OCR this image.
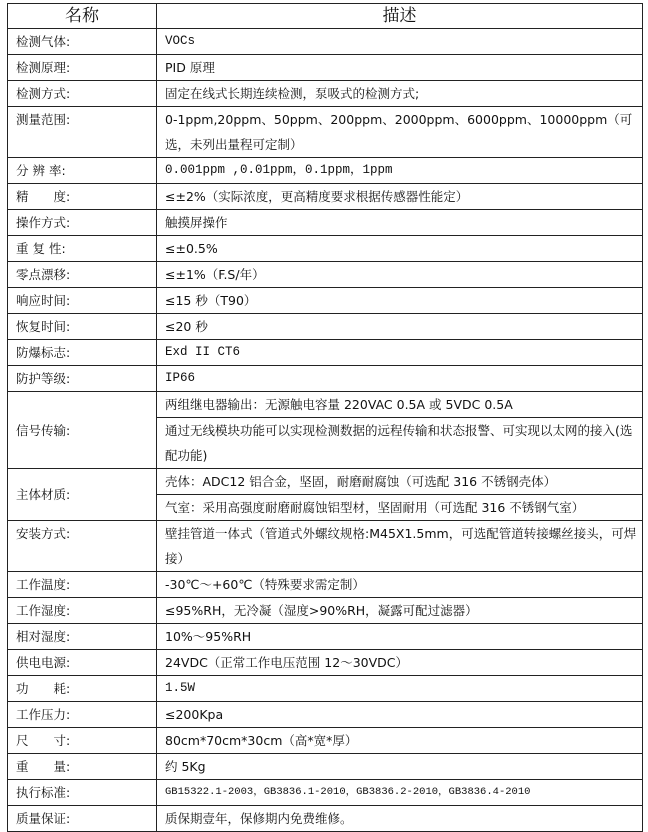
名称	描述
检测气体:	VOCs
检测原理:	PID 原理
检测方式:	固定在线式长期连续检测，泵吸式的检测方式;
测量范围:	0-1ppm,20ppm、50ppm、200ppm、2000ppm、6000ppm、10000ppm（可选，未列出量程可定制）
分 辨 率:	0.001ppm ,0.01ppm，0.1ppm，1ppm
精　　度:	≤±2%（实际浓度，更高精度要求根据传感器性能定）
操作方式:	触摸屏操作
重 复 性:	≤±0.5%
零点漂移:	≤±1%（F.S/年）
响应时间:	≤15 秒（T90）
恢复时间:	≤20 秒
防爆标志:	Exd II CT6
防护等级:	IP66
信号传输:	两组继电器输出：无源触电容量 220VAC 0.5A 或 5VDC 0.5A
	通过无线模块功能可以实现检测数据的远程传输和状态报警、可实现以太网的接入(选配功能)
主体材质:	壳体：ADC12 铝合金，坚固，耐磨耐腐蚀（可选配 316 不锈钢壳体）
	气室：采用高强度耐磨耐腐蚀铝型材，坚固耐用（可选配 316 不锈钢气室）
安装方式:	壁挂管道一体式（管道式外螺纹规格:M45X1.5mm，可选配管道转接螺丝接头，可焊接）
工作温度:	-30℃～+60℃（特殊要求需定制）
工作湿度:	≤95%RH，无冷凝（湿度>90%RH，凝露可配过滤器）
相对湿度:	10%～95%RH
供电电源:	24VDC（正常工作电压范围 12～30VDC）
功　　耗:	1.5W
工作压力:	≤200Kpa
尺　　寸:	80cm*70cm*30cm（高*宽*厚）
重　　量:	约 5Kg
执行标准:	GB15322.1-2003，GB3836.1-2010，GB3836.2-2010，GB3836.4-2010
质量保证:	质保期壹年，保修期内免费维修。
